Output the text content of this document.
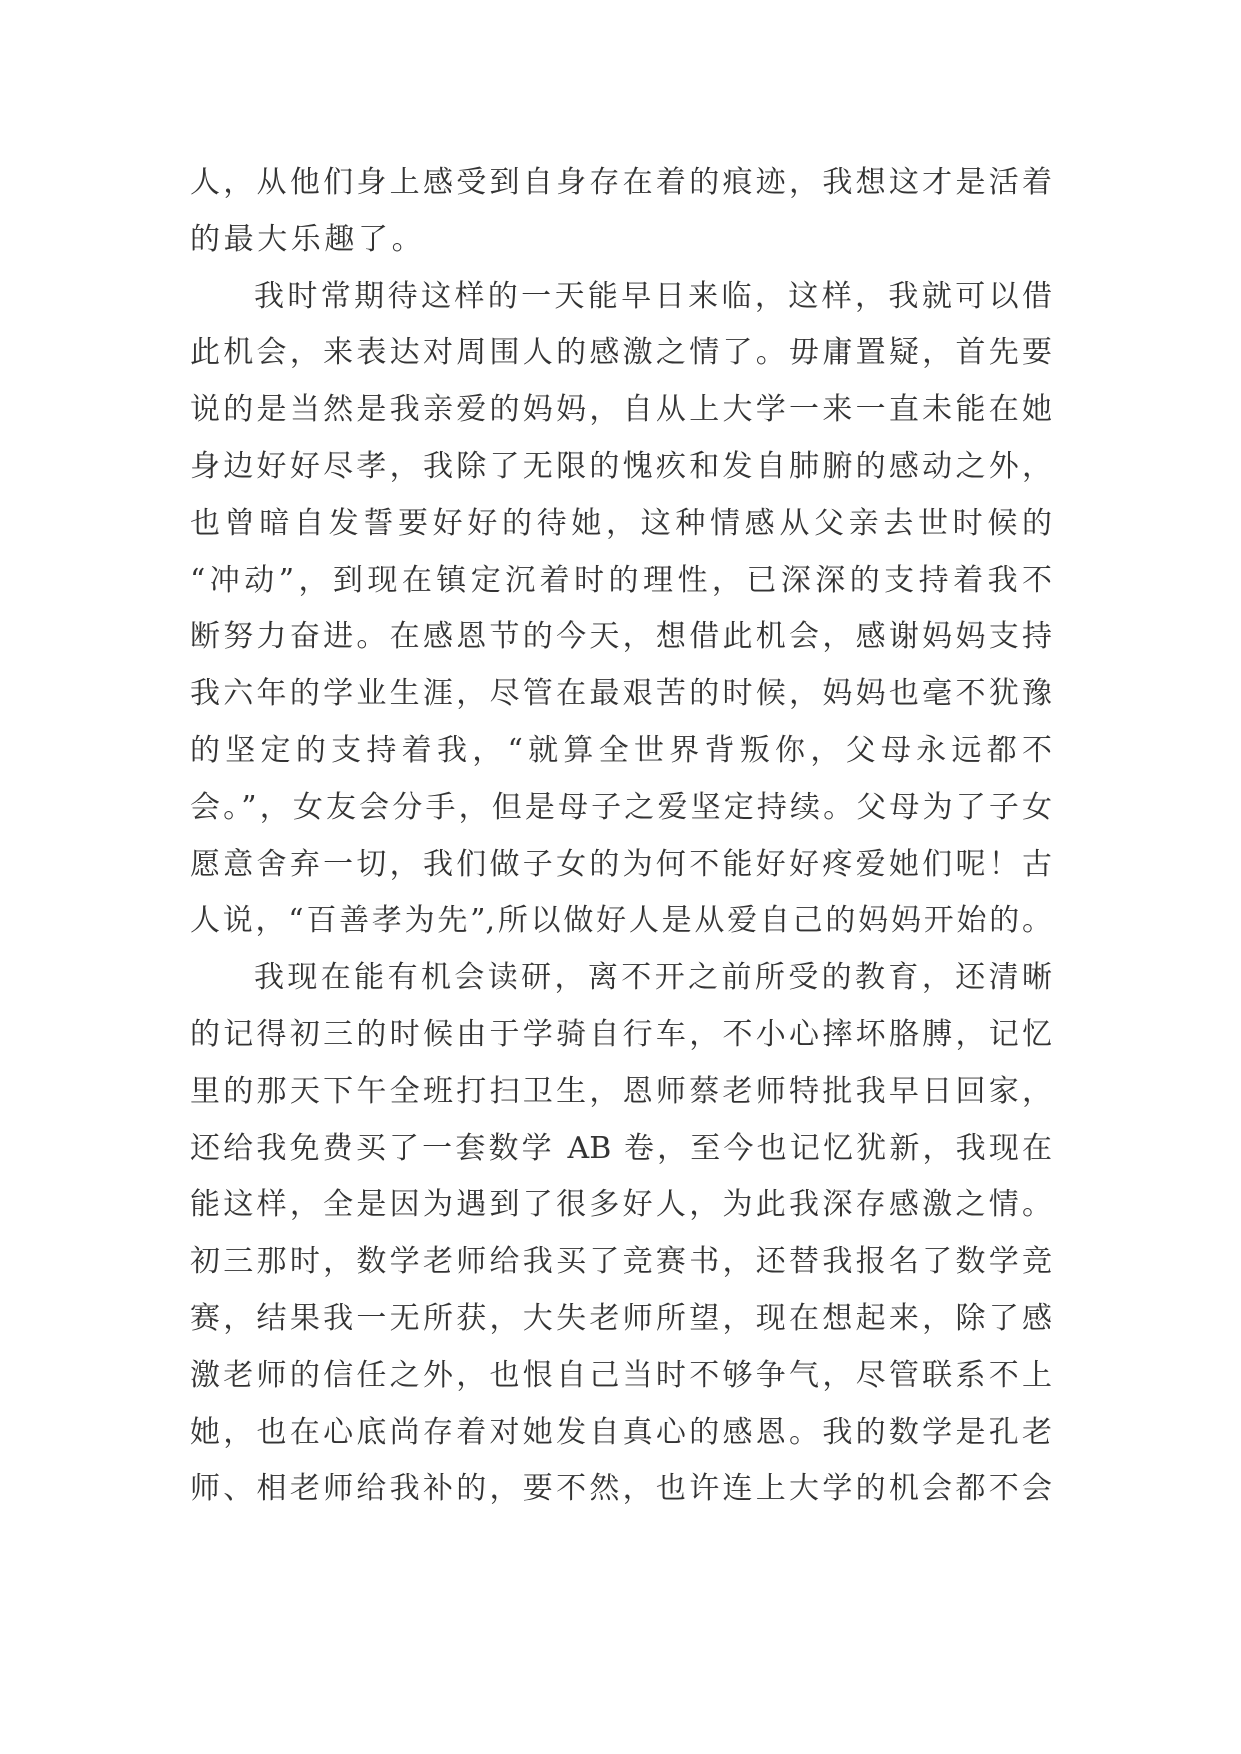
人，从他们身上感受到自身存在着的痕迹，我想这才是活着
的最大乐趣了。

我时常期待这样的一天能早日来临，这样，我就可以借
此机会，来表达对周围人的感激之情了。毋庸置疑，首先要
说的是当然是我亲爱的妈妈，自从上大学一来一直未能在她
身边好好尽孝，我除了无限的愧疚和发自肺腑的感动之外，
也曾暗自发誓要好好的待她，这种情感从父亲去世时候的
“冲动”，到现在镇定沉着时的理性，已深深的支持着我不
断努力奋进。在感恩节的今天，想借此机会，感谢妈妈支持
我六年的学业生涯，尽管在最艰苦的时候，妈妈也毫不犹豫
的坚定的支持着我，“就算全世界背叛你，父母永远都不
会。”，女友会分手，但是母子之爱坚定持续。父母为了子女
愿意舍弃一切，我们做子女的为何不能好好疼爱她们呢！古
人说，“百善孝为先”,所以做好人是从爱自己的妈妈开始的。

我现在能有机会读研，离不开之前所受的教育，还清晰
的记得初三的时候由于学骑自行车，不小心摔坏胳膊，记忆
里的那天下午全班打扫卫生，恩师蔡老师特批我早日回家，
还给我免费买了一套数学 AB 卷，至今也记忆犹新，我现在
能这样，全是因为遇到了很多好人，为此我深存感激之情。
初三那时，数学老师给我买了竞赛书，还替我报名了数学竞
赛，结果我一无所获，大失老师所望，现在想起来，除了感
激老师的信任之外，也恨自己当时不够争气，尽管联系不上
她，也在心底尚存着对她发自真心的感恩。我的数学是孔老
师、相老师给我补的，要不然，也许连上大学的机会都不会
